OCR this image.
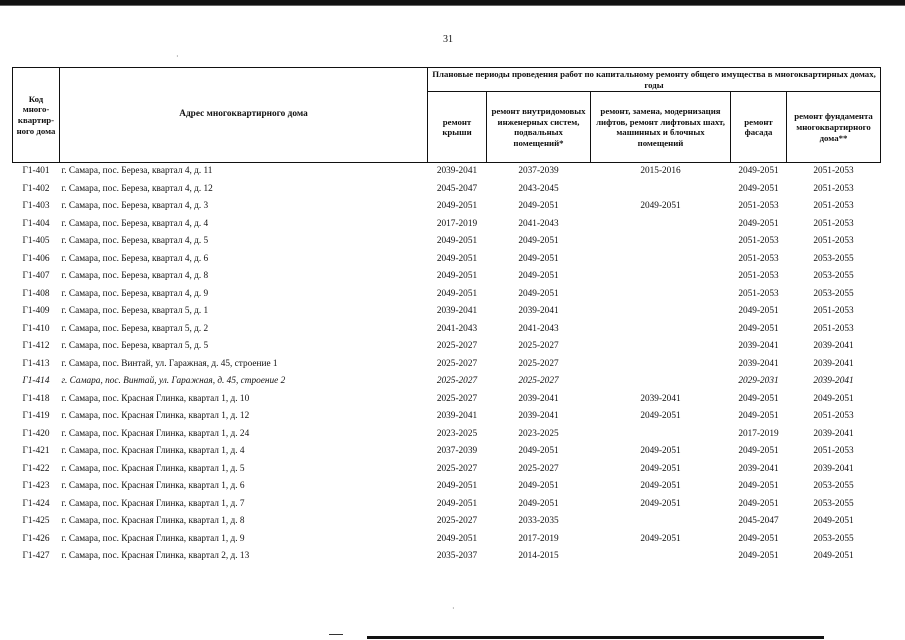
31
·
Код много-квартир-ного дома	Адрес многоквартирного дома	Плановые периоды проведения работ по капитальному ремонту общего имущества в многоквартирных домах, годы				
		ремонт крыши	ремонт внутридомовых инженерных систем, подвальных помещений*	ремонт, замена, модернизация лифтов, ремонт лифтовых шахт, машинных и блочных помещений	ремонт фасада	ремонт фундамента многоквартирного дома**
Г1-401	г. Самара, пос. Береза, квартал 4, д. 11	2039-2041	2037-2039	2015-2016	2049-2051	2051-2053
Г1-402	г. Самара, пос. Береза, квартал 4, д. 12	2045-2047	2043-2045		2049-2051	2051-2053
Г1-403	г. Самара, пос. Береза, квартал 4, д. 3	2049-2051	2049-2051	2049-2051	2051-2053	2051-2053
Г1-404	г. Самара, пос. Береза, квартал 4, д. 4	2017-2019	2041-2043		2049-2051	2051-2053
Г1-405	г. Самара, пос. Береза, квартал 4, д. 5	2049-2051	2049-2051		2051-2053	2051-2053
Г1-406	г. Самара, пос. Береза, квартал 4, д. 6	2049-2051	2049-2051		2051-2053	2053-2055
Г1-407	г. Самара, пос. Береза, квартал 4, д. 8	2049-2051	2049-2051		2051-2053	2053-2055
Г1-408	г. Самара, пос. Береза, квартал 4, д. 9	2049-2051	2049-2051		2051-2053	2053-2055
Г1-409	г. Самара, пос. Береза, квартал 5, д. 1	2039-2041	2039-2041		2049-2051	2051-2053
Г1-410	г. Самара, пос. Береза, квартал 5, д. 2	2041-2043	2041-2043		2049-2051	2051-2053
Г1-412	г. Самара, пос. Береза, квартал 5, д. 5	2025-2027	2025-2027		2039-2041	2039-2041
Г1-413	г. Самара, пос. Винтай, ул. Гаражная, д. 45, строение 1	2025-2027	2025-2027		2039-2041	2039-2041
Г1-414	г. Самара, пос. Винтай, ул. Гаражная, д. 45, строение 2	2025-2027	2025-2027		2029-2031	2039-2041
Г1-418	г. Самара, пос. Красная Глинка, квартал 1, д. 10	2025-2027	2039-2041	2039-2041	2049-2051	2049-2051
Г1-419	г. Самара, пос. Красная Глинка, квартал 1, д. 12	2039-2041	2039-2041	2049-2051	2049-2051	2051-2053
Г1-420	г. Самара, пос. Красная Глинка, квартал 1, д. 24	2023-2025	2023-2025		2017-2019	2039-2041
Г1-421	г. Самара, пос. Красная Глинка, квартал 1, д. 4	2037-2039	2049-2051	2049-2051	2049-2051	2051-2053
Г1-422	г. Самара, пос. Красная Глинка, квартал 1, д. 5	2025-2027	2025-2027	2049-2051	2039-2041	2039-2041
Г1-423	г. Самара, пос. Красная Глинка, квартал 1, д. 6	2049-2051	2049-2051	2049-2051	2049-2051	2053-2055
Г1-424	г. Самара, пос. Красная Глинка, квартал 1, д. 7	2049-2051	2049-2051	2049-2051	2049-2051	2053-2055
Г1-425	г. Самара, пос. Красная Глинка, квартал 1, д. 8	2025-2027	2033-2035		2045-2047	2049-2051
Г1-426	г. Самара, пос. Красная Глинка, квартал 1, д. 9	2049-2051	2017-2019	2049-2051	2049-2051	2053-2055
Г1-427	г. Самара, пос. Красная Глинка, квартал 2, д. 13	2035-2037	2014-2015		2049-2051	2049-2051
·
